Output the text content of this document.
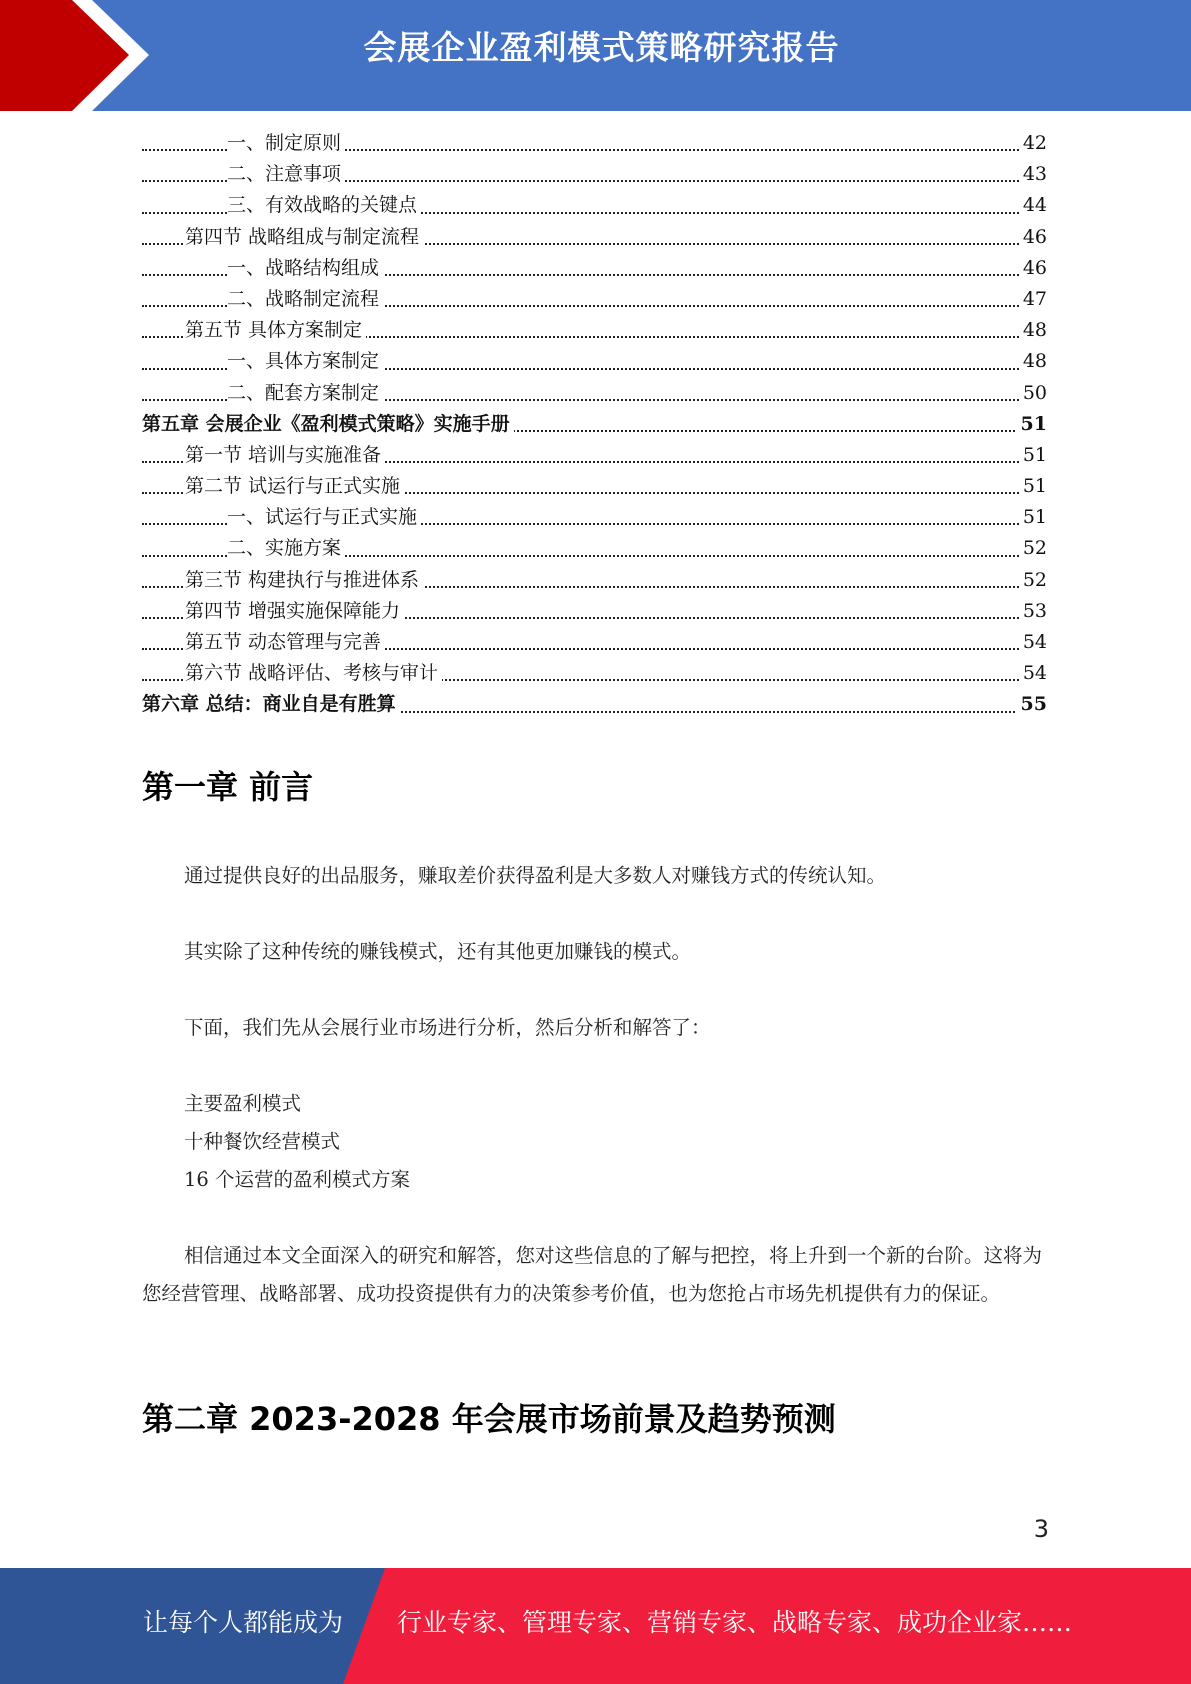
会展企业盈利模式策略研究报告
一、制定原则	42
二、注意事项	43
三、有效战略的关键点	44
第四节 战略组成与制定流程	46
一、战略结构组成	46
二、战略制定流程	47
第五节 具体方案制定	48
一、具体方案制定	48
二、配套方案制定	50
第五章 会展企业《盈利模式策略》实施手册	51
第一节 培训与实施准备	51
第二节 试运行与正式实施	51
一、试运行与正式实施	51
二、实施方案	52
第三节 构建执行与推进体系	52
第四节 增强实施保障能力	53
第五节 动态管理与完善	54
第六节 战略评估、考核与审计	54
第六章 总结：商业自是有胜算	55
第一章 前言
通过提供良好的出品服务，赚取差价获得盈利是大多数人对赚钱方式的传统认知。
其实除了这种传统的赚钱模式，还有其他更加赚钱的模式。
下面，我们先从会展行业市场进行分析，然后分析和解答了：
主要盈利模式
十种餐饮经营模式
16 个运营的盈利模式方案
相信通过本文全面深入的研究和解答，您对这些信息的了解与把控，将上升到一个新的台阶。这将为您经营管理、战略部署、成功投资提供有力的决策参考价值，也为您抢占市场先机提供有力的保证。
第二章 2023-2028 年会展市场前景及趋势预测
3
让每个人都能成为 行业专家、管理专家、营销专家、战略专家、成功企业家……
